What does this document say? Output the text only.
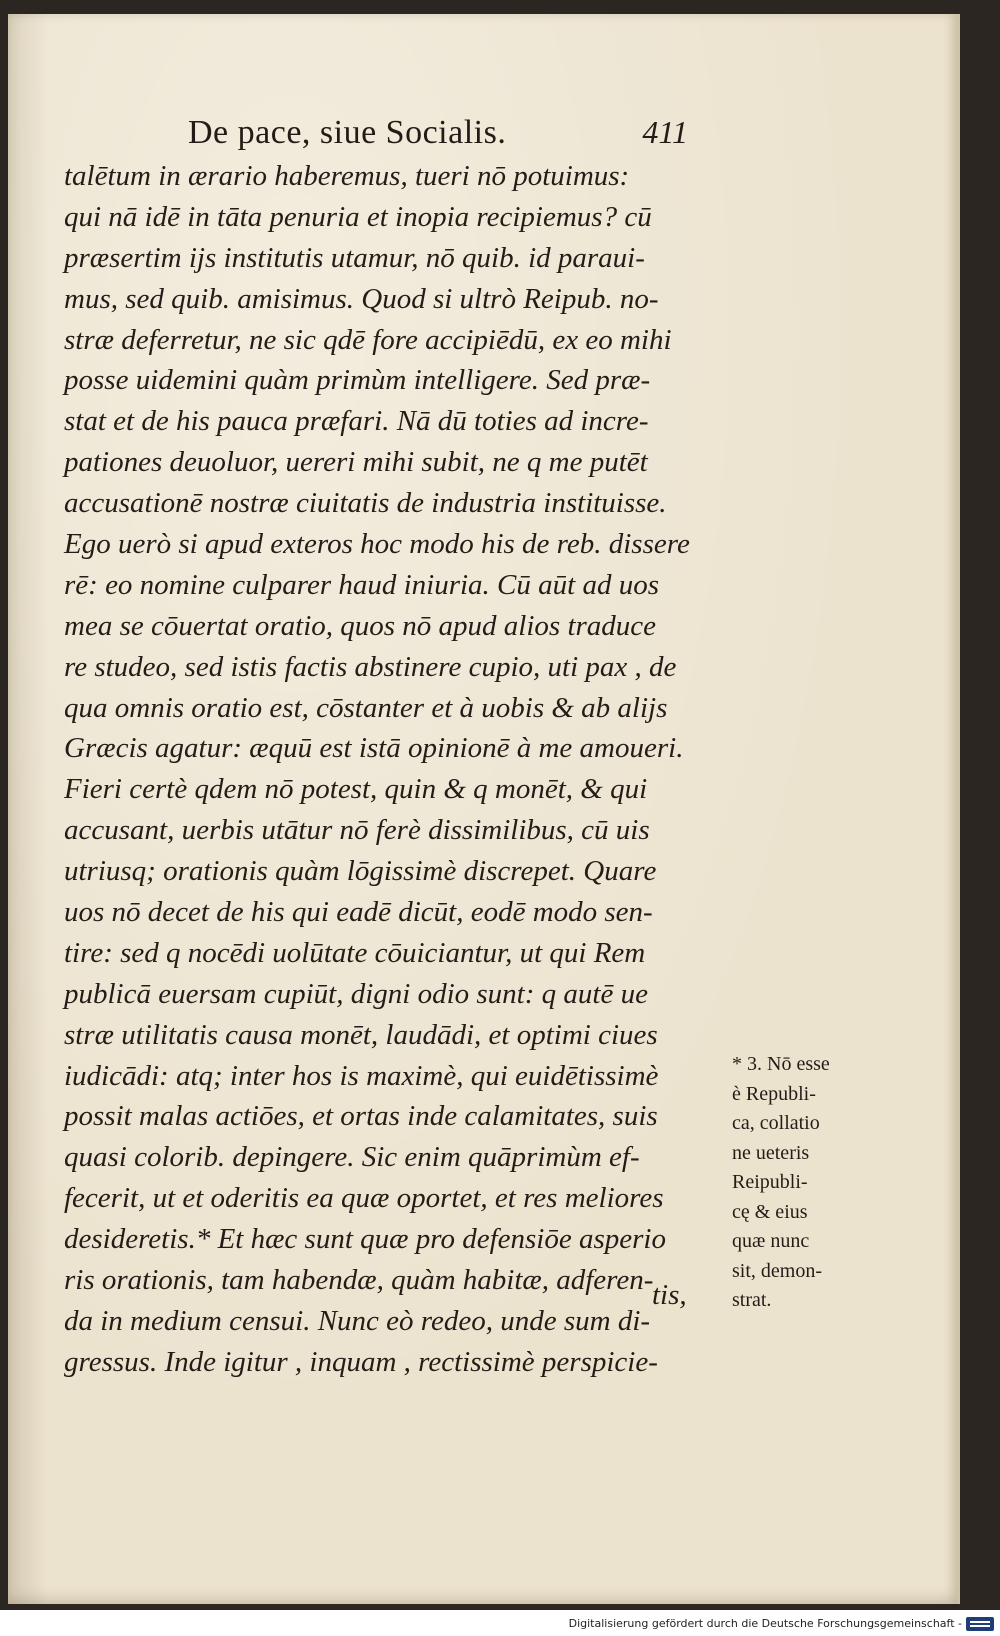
De pace, siue Socialis.	411
talētum in ærario haberemus, tueri nō potuimus:
qui nā idē in tāta penuria et inopia recipiemus? cū
præsertim ijs institutis utamur, nō quib. id paraui-
mus, sed quib. amisimus. Quod si ultrò Reipub. no-
stræ deferretur, ne sic qdē fore accipiēdū, ex eo mihi
posse uidemini quàm primùm intelligere. Sed præ-
stat et de his pauca præfari. Nā dū toties ad incre-
pationes deuoluor, uereri mihi subit, ne q me putēt
accusationē nostræ ciuitatis de industria instituisse.
Ego uerò si apud exteros hoc modo his de reb. dissere
rē: eo nomine culparer haud iniuria. Cū aūt ad uos
mea se cōuertat oratio, quos nō apud alios traduce
re studeo, sed istis factis abstinere cupio, uti pax , de
qua omnis oratio est, cōstanter et à uobis & ab alijs
Græcis agatur: æquū est istā opinionē à me amoueri.
Fieri certè qdem nō potest, quin & q monēt, & qui
accusant, uerbis utātur nō ferè dissimilibus, cū uis
utriusq; orationis quàm lōgissimè discrepet. Quare
uos nō decet de his qui eadē dicūt, eodē modo sen-
tire: sed q nocēdi uolūtate cōuiciantur, ut qui Rem
publicā euersam cupiūt, digni odio sunt: q autē ue
stræ utilitatis causa monēt, laudādi, et optimi ciues
iudicādi: atq; inter hos is maximè, qui euidētissimè
possit malas actiōes, et ortas inde calamitates, suis
quasi colorib. depingere. Sic enim quāprimùm ef-
fecerit, ut et oderitis ea quæ oportet, et res meliores
desideretis.* Et hæc sunt quæ pro defensiōe asperio
ris orationis, tam habendæ, quàm habitæ, adferen-
da in medium censui. Nunc eò redeo, unde sum di-
gressus. Inde igitur , inquam , rectissimè perspicie-
tis,
* 3. Nō esse
è Republi-
ca, collatio
ne ueteris
Reipubli-
cę & eius
quæ nunc
sit, demon-
strat.
Digitalisierung gefördert durch die Deutsche Forschungsgemeinschaft -
